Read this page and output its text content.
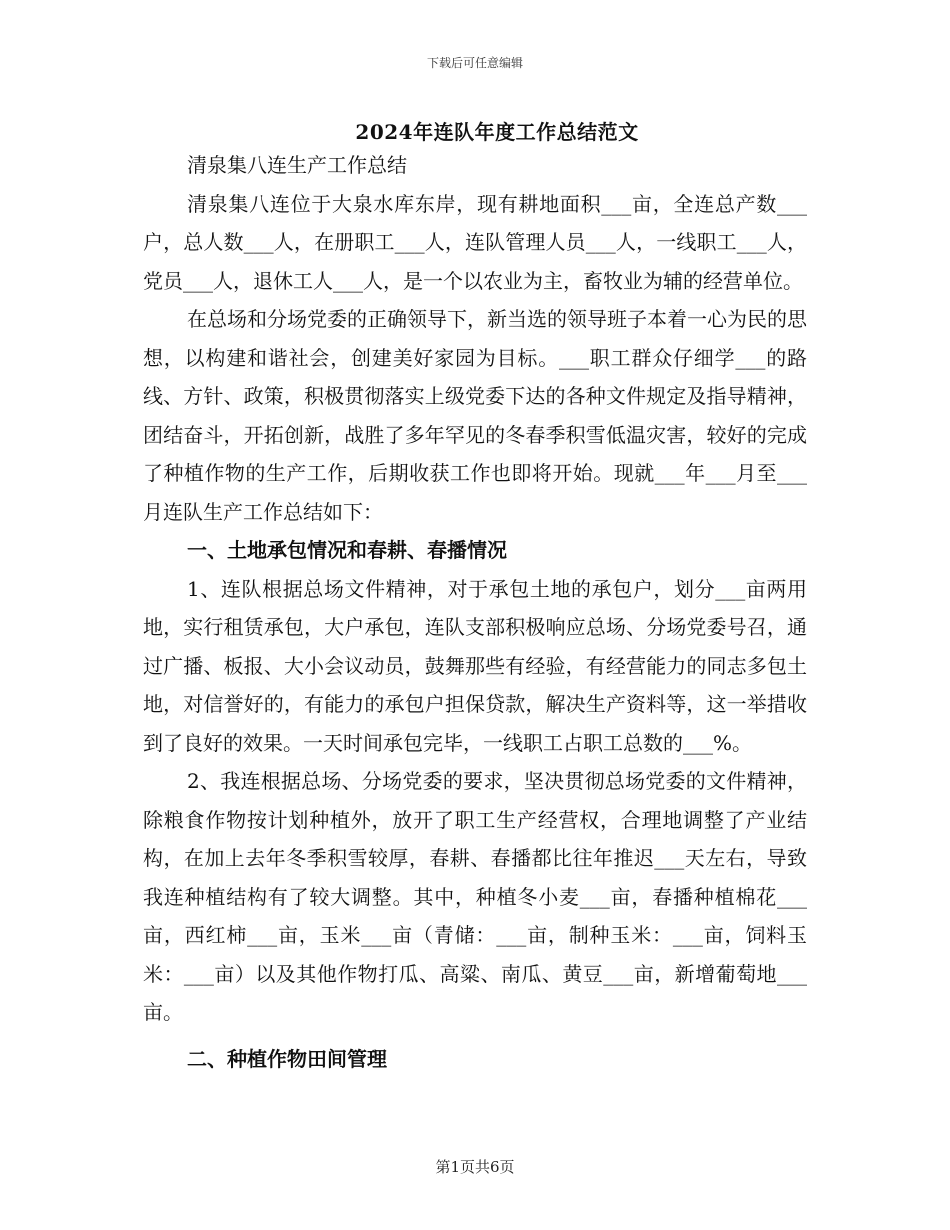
下载后可任意编辑
2024年连队年度工作总结范文

清泉集八连生产工作总结

清泉集八连位于大泉水库东岸，现有耕地面积___亩，全连总产数___户，总人数___人，在册职工___人，连队管理人员___人，一线职工___人，党员___人，退休工人___人，是一个以农业为主，畜牧业为辅的经营单位。

在总场和分场党委的正确领导下，新当选的领导班子本着一心为民的思想，以构建和谐社会，创建美好家园为目标。___职工群众仔细学___的路线、方针、政策，积极贯彻落实上级党委下达的各种文件规定及指导精神，团结奋斗，开拓创新，战胜了多年罕见的冬春季积雪低温灾害，较好的完成了种植作物的生产工作，后期收获工作也即将开始。现就___年___月至___月连队生产工作总结如下：

一、土地承包情况和春耕、春播情况

1、连队根据总场文件精神，对于承包土地的承包户，划分___亩两用地，实行租赁承包，大户承包，连队支部积极响应总场、分场党委号召，通过广播、板报、大小会议动员，鼓舞那些有经验，有经营能力的同志多包土地，对信誉好的，有能力的承包户担保贷款，解决生产资料等，这一举措收到了良好的效果。一天时间承包完毕，一线职工占职工总数的___%。

2、我连根据总场、分场党委的要求，坚决贯彻总场党委的文件精神，除粮食作物按计划种植外，放开了职工生产经营权，合理地调整了产业结构，在加上去年冬季积雪较厚，春耕、春播都比往年推迟___天左右，导致我连种植结构有了较大调整。其中，种植冬小麦___亩，春播种植棉花___亩，西红柿___亩，玉米___亩（青储：___亩，制种玉米：___亩，饲料玉米：___亩）以及其他作物打瓜、高粱、南瓜、黄豆___亩，新增葡萄地___亩。

二、种植作物田间管理

第1页共6页
